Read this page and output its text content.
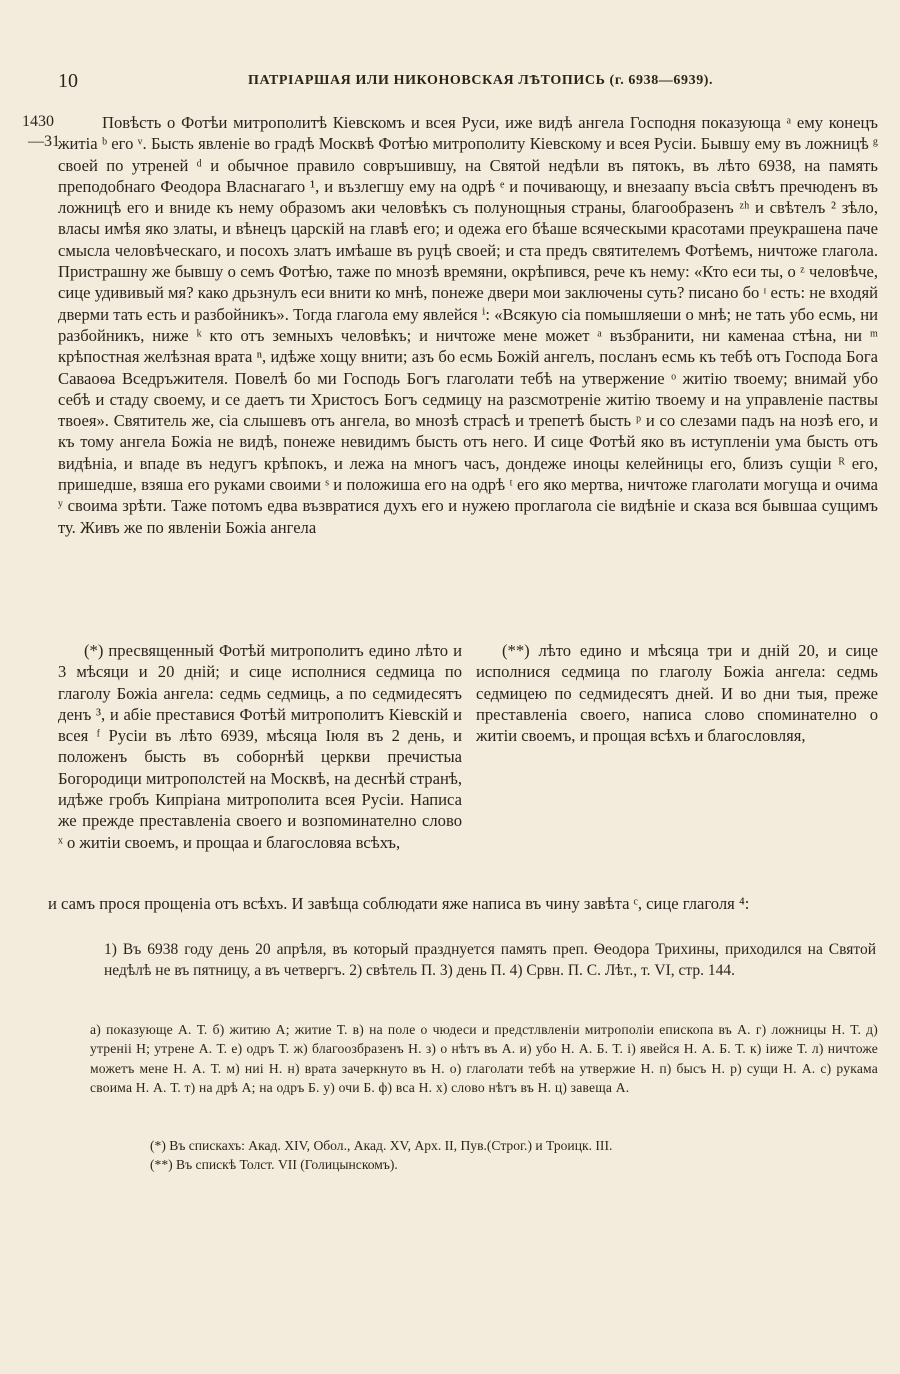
10	ПАТРІАРШАЯ ИЛИ НИКОНОВСКАЯ ЛѢТОПИСЬ (г. 6938—6939).
1430
—31

Повѣсть о Фотѣи митрополитѣ Кіевскомъ и всея Руси, иже видѣ ангела Господня показующа ᵃ ему конецъ житіа ᵇ его ᵛ. Бысть явленіе во градѣ Москвѣ Фотѣю митрополиту Кіевскому и всея Русіи. Бывшу ему въ ложницѣ ᵍ своей по утреней ᵈ и обычное правило совръшившу, на Святой недѣли въ пятокъ, въ лѣто 6938, на память преподобнаго Феодора Власнагаго ¹, и възлегшу ему на одрѣ ᵉ и почивающу, и внезаапу въсіа свѣтъ пречюденъ въ ложницѣ его и вниде къ нему образомъ аки человѣкъ съ полунощныя страны, благообразенъ ᶻʰ и свѣтелъ ² зѣло, власы имѣя яко златы, и вѣнецъ царскій на главѣ его; и одежа его бѣаше всяческыми красотами преукрашена паче смысла человѣческаго, и посохъ златъ имѣаше въ руцѣ своей; и ста предъ святителемъ Фотѣемъ, ничтоже глагола. Пристрашну же бывшу о семъ Фотѣю, таже по мнозѣ времяни, окрѣпився, рече къ нему: «Кто еси ты, о ᶻ человѣче, сице удививый мя? како дрьзнулъ еси внити ко мнѣ, понеже двери мои заключены суть? писано бо ᶦ есть: не входяй дверми тать есть и разбойникъ». Тогда глагола ему явлейся ⁱ: «Всякую сіа помышляеши о мнѣ; не тать убо есмь, ни разбойникъ, ниже ᵏ кто отъ земныхъ человѣкъ; и ничтоже мене может ᵃ възбранити, ни каменаа стѣна, ни ᵐ крѣпостная желѣзная врата ⁿ, идѣже хощу внити; азъ бо есмь Божій ангелъ, посланъ есмь къ тебѣ отъ Господа Бога Саваоѳа Вседръжителя. Повелѣ бо ми Господь Богъ глаголати тебѣ на утвержение ᵒ житію твоему; внимай убо себѣ и стаду своему, и се даетъ ти Христосъ Богъ седмицу на разсмотреніе житію твоему и на управленіе паствы твоея». Святитель же, сіа слышевъ отъ ангела, во мнозѣ страсѣ и трепетѣ бысть ᵖ и со слезами падъ на нозѣ его, и къ тому ангела Божіа не видѣ, понеже невидимъ бысть отъ него. И сице Фотѣй яко въ иступленіи ума бысть отъ видѣніа, и впаде въ недугъ крѣпокъ, и лежа на многъ часъ, дондеже иноцы келейницы его, близъ сущіи ᴿ его, пришедше, взяша его руками своими ˢ и положиша его на одрѣ ᵗ его яко мертва, ничтоже глаголати могуща и очима ʸ своима зрѣти. Таже потомъ едва възвратися духъ его и нужею проглагола сіе видѣніе и сказа вся бывшаа сущимъ ту. Живъ же по явленіи Божіа ангела

(*) пресвященный Фотѣй митрополитъ едино лѣто и 3 мѣсяци и 20 дній; и сице исполнися седмица по глаголу Божіа ангела: седмь седмиць, а по седмидесятъ денъ ³, и абіе преставися Фотѣй митрополитъ Кіевскій и всея ᶠ Русіи въ лѣто 6939, мѣсяца Іюля въ 2 день, и положенъ бысть въ соборнѣй церкви пречистыа Богородици митрополстей на Москвѣ, на деснѣй странѣ, идѣже гробъ Кипріана митрополита всея Русіи. Написа же прежде преставленіа своего и возпоминателно слово ˣ о житіи своемъ, и прощаа и благословяа всѣхъ,

(**) лѣто едино и мѣсяца три и дній 20, и сице исполнися седмица по глаголу Божіа ангела: седмь седмицею по седмидесятъ дней. И во дни тыя, преже преставленіа своего, написа слово споминателно о житіи своемъ, и прощая всѣхъ и благословляя,

и самъ прося прощеніа отъ всѣхъ. И завѣща соблюдати яже написа въ чину завѣта ᶜ, сице глаголя ⁴:
1) Въ 6938 году день 20 апрѣля, въ который празднуется память преп. Ѳеодора Трихины, приходился на Святой недѣлѣ не въ пятницу, а въ четвергъ. 2) свѣтель П. 3) день П. 4) Срвн. П. С. Лѣт., т. VI, стр. 144.
а) показующе А. Т. б) житию А; житие Т. в) на поле о чюдеси и предстлвленіи митрополіи епископа въ А. г) ложницы Н. Т. д) утреніі Н; утрене А. Т. е) одръ Т. ж) благоозбразенъ Н. з) о нѣтъ въ А. и) убо Н. А. Б. Т. і) явейся Н. А. Б. Т. к) іиже Т. л) ничтоже можетъ мене Н. А. Т. м) ниі Н. н) врата зачеркнуто въ Н. о) глаголати тебѣ на утвержие Н. п) бысъ Н. р) сущи Н. А. с) рукама своима Н. А. Т. т) на дрѣ А; на одръ Б. у) очи Б. ф) вса Н. х) слово нѣтъ въ Н. ц) завеща А.
(*) Въ спискахъ: Акад. XIV, Обол., Акад. XV, Арх. II, Пув.(Строг.) и Троицк. III.
(**) Въ спискѣ Толст. VII (Голицынскомъ).
